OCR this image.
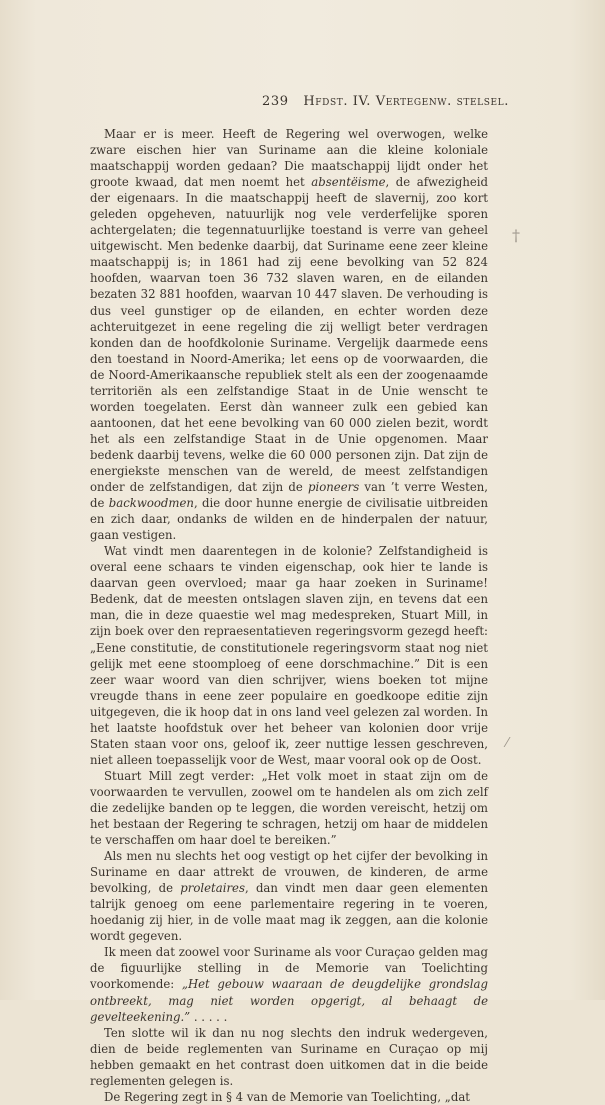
239 Hfdst. IV. Vertegenw. stelsel.

Maar er is meer. Heeft de Regering wel overwogen, welke zware eischen hier van Suriname aan die kleine koloniale maatschappij worden gedaan? Die maatschappij lijdt onder het groote kwaad, dat men noemt het absentëisme, de afwezigheid der eigenaars. In die maatschappij heeft de slavernij, zoo kort geleden opgeheven, natuurlijk nog vele verderfelijke sporen achtergelaten; die tegennatuurlijke toestand is verre van geheel uitgewischt. Men bedenke daarbij, dat Suriname eene zeer kleine maatschappij is; in 1861 had zij eene bevolking van 52 824 hoofden, waarvan toen 36 732 slaven waren, en de eilanden bezaten 32 881 hoofden, waarvan 10 447 slaven. De verhouding is dus veel gunstiger op de eilanden, en echter worden deze achteruitgezet in eene regeling die zij welligt beter verdragen konden dan de hoofdkolonie Suriname. Vergelijk daarmede eens den toestand in Noord-Amerika; let eens op de voorwaarden, die de Noord-Amerikaansche republiek stelt als een der zoogenaamde territoriën als een zelfstandige Staat in de Unie wenscht te worden toegelaten. Eerst dàn wanneer zulk een gebied kan aantoonen, dat het eene bevolking van 60 000 zielen bezit, wordt het als een zelfstandige Staat in de Unie opgenomen. Maar bedenk daarbij tevens, welke die 60 000 personen zijn. Dat zijn de energiekste menschen van de wereld, de meest zelfstandigen onder de zelfstandigen, dat zijn de pioneers van ’t verre Westen, de backwoodmen, die door hunne energie de civilisatie uitbreiden en zich daar, ondanks de wilden en de hinderpalen der natuur, gaan vestigen.

Wat vindt men daarentegen in de kolonie? Zelfstandigheid is overal eene schaars te vinden eigenschap, ook hier te lande is daarvan geen overvloed; maar ga haar zoeken in Suriname! Bedenk, dat de meesten ontslagen slaven zijn, en tevens dat een man, die in deze quaestie wel mag medespreken, Stuart Mill, in zijn boek over den repraesentatieven regeringsvorm gezegd heeft: „Eene constitutie, de constitutionele regeringsvorm staat nog niet gelijk met eene stoomploeg of eene dorschmachine.” Dit is een zeer waar woord van dien schrijver, wiens boeken tot mijne vreugde thans in eene zeer populaire en goedkoope editie zijn uitgegeven, die ik hoop dat in ons land veel gelezen zal worden. In het laatste hoofdstuk over het beheer van kolonien door vrije Staten staan voor ons, geloof ik, zeer nuttige lessen geschreven, niet alleen toepasselijk voor de West, maar vooral ook op de Oost.

Stuart Mill zegt verder: „Het volk moet in staat zijn om de voorwaarden te vervullen, zoowel om te handelen als om zich zelf die zedelijke banden op te leggen, die worden vereischt, hetzij om het bestaan der Regering te schragen, hetzij om haar de middelen te verschaffen om haar doel te bereiken.”

Als men nu slechts het oog vestigt op het cijfer der bevolking in Suriname en daar attrekt de vrouwen, de kinderen, de arme bevolking, de proletaires, dan vindt men daar geen elementen talrijk genoeg om eene parlementaire regering in te voeren, hoedanig zij hier, in de volle maat mag ik zeggen, aan die kolonie wordt gegeven.

Ik meen dat zoowel voor Suriname als voor Curaçao gelden mag de figuurlijke stelling in de Memorie van Toelichting voorkomende: „Het gebouw waaraan de deugdelijke grondslag ontbreekt, mag niet worden opgerigt, al behaagt de gevelteekening.” . . . . .

Ten slotte wil ik dan nu nog slechts den indruk wedergeven, dien de beide reglementen van Suriname en Curaçao op mij hebben gemaakt en het contrast doen uitkomen dat in die beide reglementen gelegen is.

De Regering zegt in § 4 van de Memorie van Toelichting, „dat

†
⁄
